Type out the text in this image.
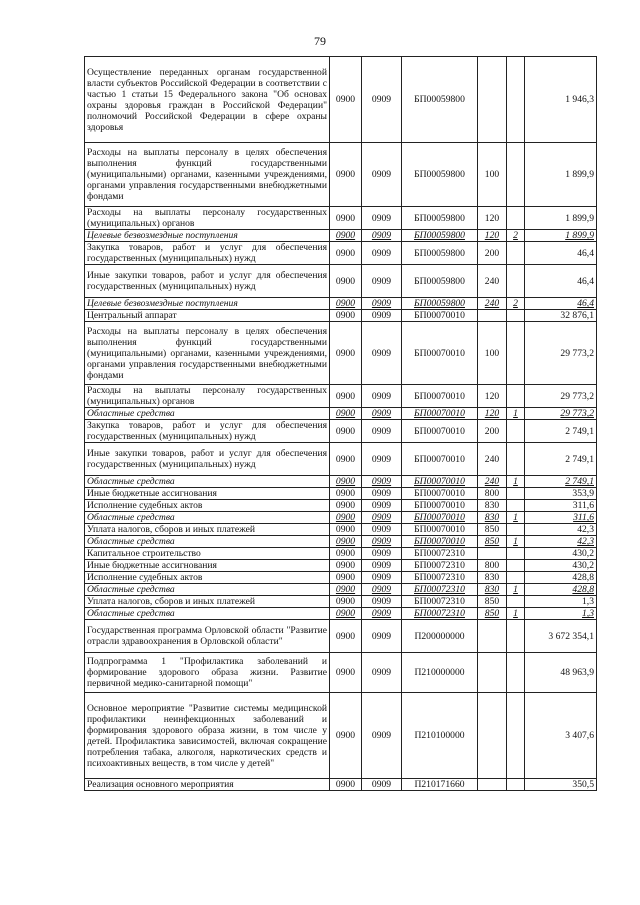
79
Осуществление переданных органам государственной власти субъектов Российской Федерации в соответствии с частью 1 статьи 15 Федерального закона "Об основах охраны здоровья граждан в Российской Федерации" полномочий Российской Федерации в сфере охраны здоровья	0900	0909	БП00059800			1 946,3
Расходы на выплаты персоналу в целях обеспечения выполнения функций государственными (муниципальными) органами, казенными учреждениями, органами управления государственными внебюджетными фондами	0900	0909	БП00059800	100		1 899,9
Расходы на выплаты персоналу государственных (муниципальных) органов	0900	0909	БП00059800	120		1 899,9
Целевые безвозмездные поступления	0900	0909	БП00059800	120	2	1 899,9
Закупка товаров, работ и услуг для обеспечения государственных (муниципальных) нужд	0900	0909	БП00059800	200		46,4
Иные закупки товаров, работ и услуг для обеспечения государственных (муниципальных) нужд	0900	0909	БП00059800	240		46,4
Целевые безвозмездные поступления	0900	0909	БП00059800	240	2	46,4
Центральный аппарат	0900	0909	БП00070010			32 876,1
Расходы на выплаты персоналу в целях обеспечения выполнения функций государственными (муниципальными) органами, казенными учреждениями, органами управления государственными внебюджетными фондами	0900	0909	БП00070010	100		29 773,2
Расходы на выплаты персоналу государственных (муниципальных) органов	0900	0909	БП00070010	120		29 773,2
Областные средства	0900	0909	БП00070010	120	1	29 773,2
Закупка товаров, работ и услуг для обеспечения государственных (муниципальных) нужд	0900	0909	БП00070010	200		2 749,1
Иные закупки товаров, работ и услуг для обеспечения государственных (муниципальных) нужд	0900	0909	БП00070010	240		2 749,1
Областные средства	0900	0909	БП00070010	240	1	2 749,1
Иные бюджетные ассигнования	0900	0909	БП00070010	800		353,9
Исполнение судебных актов	0900	0909	БП00070010	830		311,6
Областные средства	0900	0909	БП00070010	830	1	311,6
Уплата налогов, сборов и иных платежей	0900	0909	БП00070010	850		42,3
Областные средства	0900	0909	БП00070010	850	1	42,3
Капитальное строительство	0900	0909	БП00072310			430,2
Иные бюджетные ассигнования	0900	0909	БП00072310	800		430,2
Исполнение судебных актов	0900	0909	БП00072310	830		428,8
Областные средства	0900	0909	БП00072310	830	1	428,8
Уплата налогов, сборов и иных платежей	0900	0909	БП00072310	850		1,3
Областные средства	0900	0909	БП00072310	850	1	1,3
Государственная программа Орловской области "Развитие отрасли здравоохранения в Орловской области"	0900	0909	П200000000			3 672 354,1
Подпрограмма 1 "Профилактика заболеваний и формирование здорового образа жизни. Развитие первичной медико-санитарной помощи"	0900	0909	П210000000			48 963,9
Основное мероприятие "Развитие системы медицинской профилактики неинфекционных заболеваний и формирования здорового образа жизни, в том числе у детей. Профилактика зависимостей, включая сокращение потребления табака, алкоголя, наркотических средств и психоактивных веществ, в том числе у детей"	0900	0909	П210100000			3 407,6
Реализация основного мероприятия	0900	0909	П210171660			350,5
